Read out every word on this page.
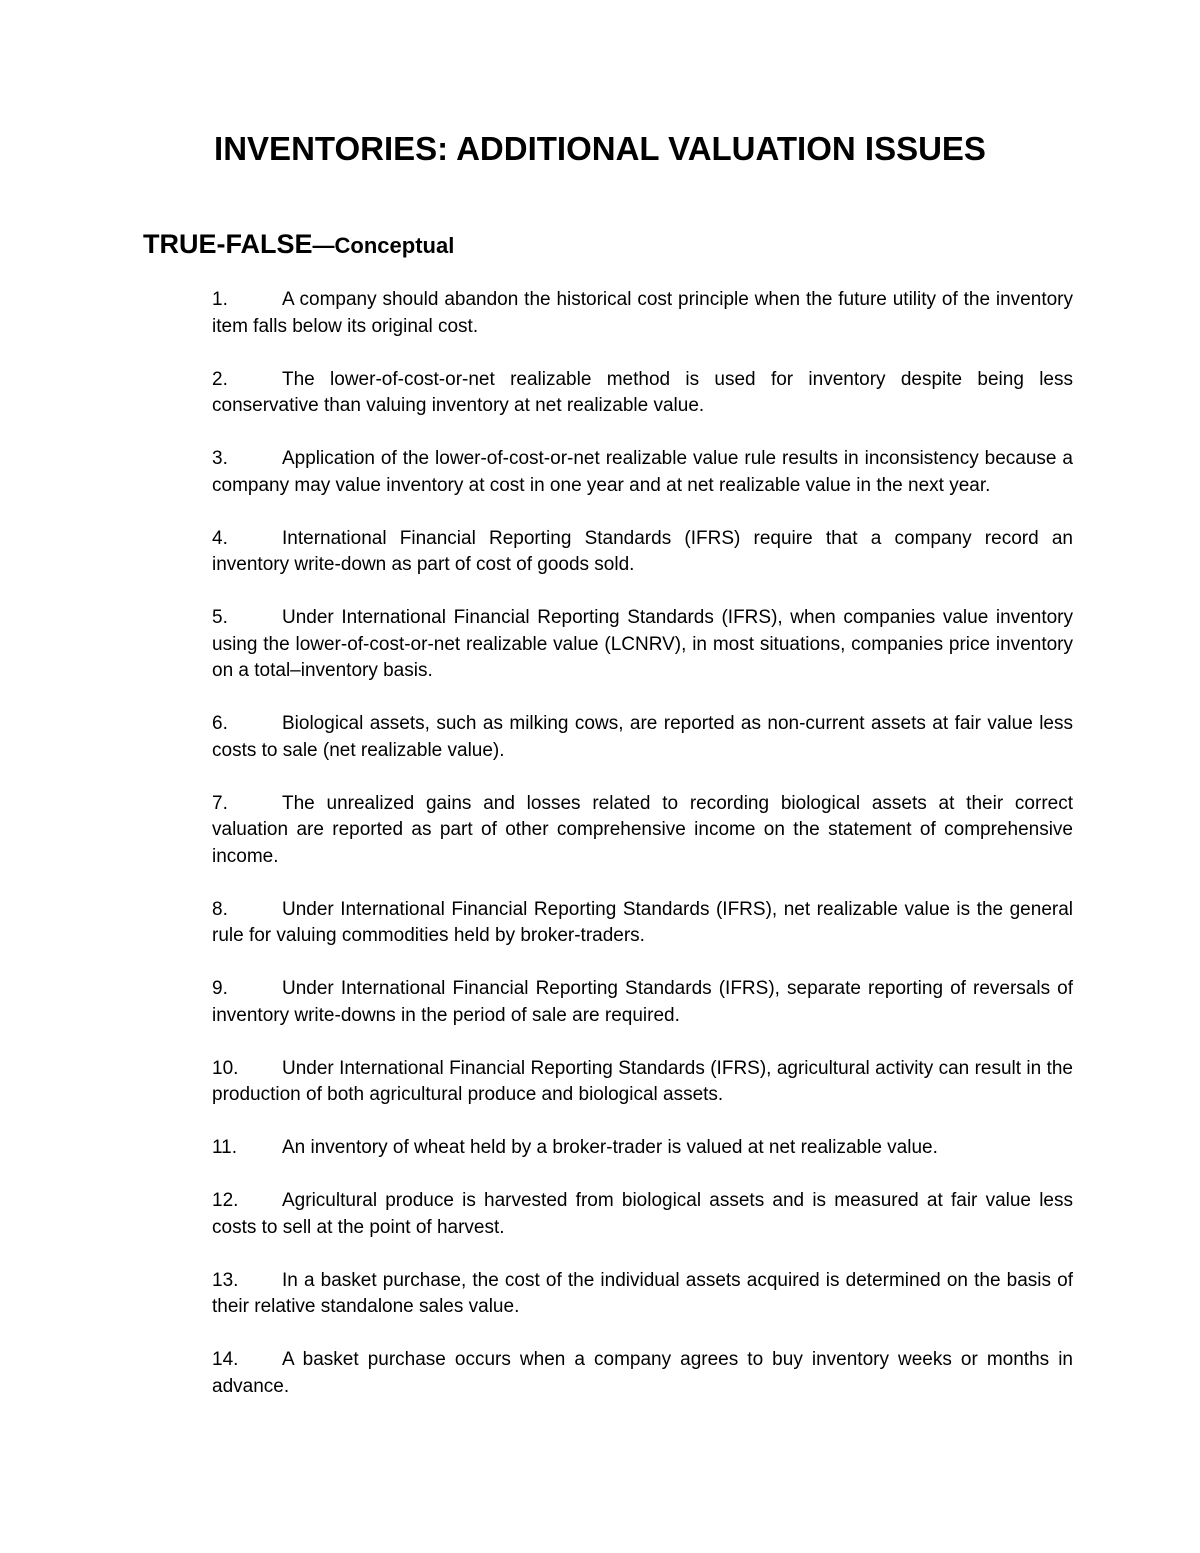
INVENTORIES: ADDITIONAL VALUATION ISSUES
TRUE-FALSE—Conceptual
1.	A company should abandon the historical cost principle when the future utility of the inventory item falls below its original cost.
2.	The lower-of-cost-or-net realizable method is used for inventory despite being less conservative than valuing inventory at net realizable value.
3.	Application of the lower-of-cost-or-net realizable value rule results in inconsistency because a company may value inventory at cost in one year and at net realizable value in the next year.
4.	International Financial Reporting Standards (IFRS) require that a company record an inventory write-down as part of cost of goods sold.
5.	Under International Financial Reporting Standards (IFRS), when companies value inventory using the lower-of-cost-or-net realizable value (LCNRV), in most situations, companies price inventory on a total–inventory basis.
6.	Biological assets, such as milking cows, are reported as non-current assets at fair value less costs to sale (net realizable value).
7.	The unrealized gains and losses related to recording biological assets at their correct valuation are reported as part of other comprehensive income on the statement of comprehensive income.
8.	Under International Financial Reporting Standards (IFRS), net realizable value is the general rule for valuing commodities held by broker-traders.
9.	Under International Financial Reporting Standards (IFRS), separate reporting of reversals of inventory write-downs in the period of sale are required.
10. Under International Financial Reporting Standards (IFRS), agricultural activity can result in the production of both agricultural produce and biological assets.
11. An inventory of wheat held by a broker-trader is valued at net realizable value.
12. Agricultural produce is harvested from biological assets and is measured at fair value less costs to sell at the point of harvest.
13. In a basket purchase, the cost of the individual assets acquired is determined on the basis of their relative standalone sales value.
14. A basket purchase occurs when a company agrees to buy inventory weeks or months in advance.
